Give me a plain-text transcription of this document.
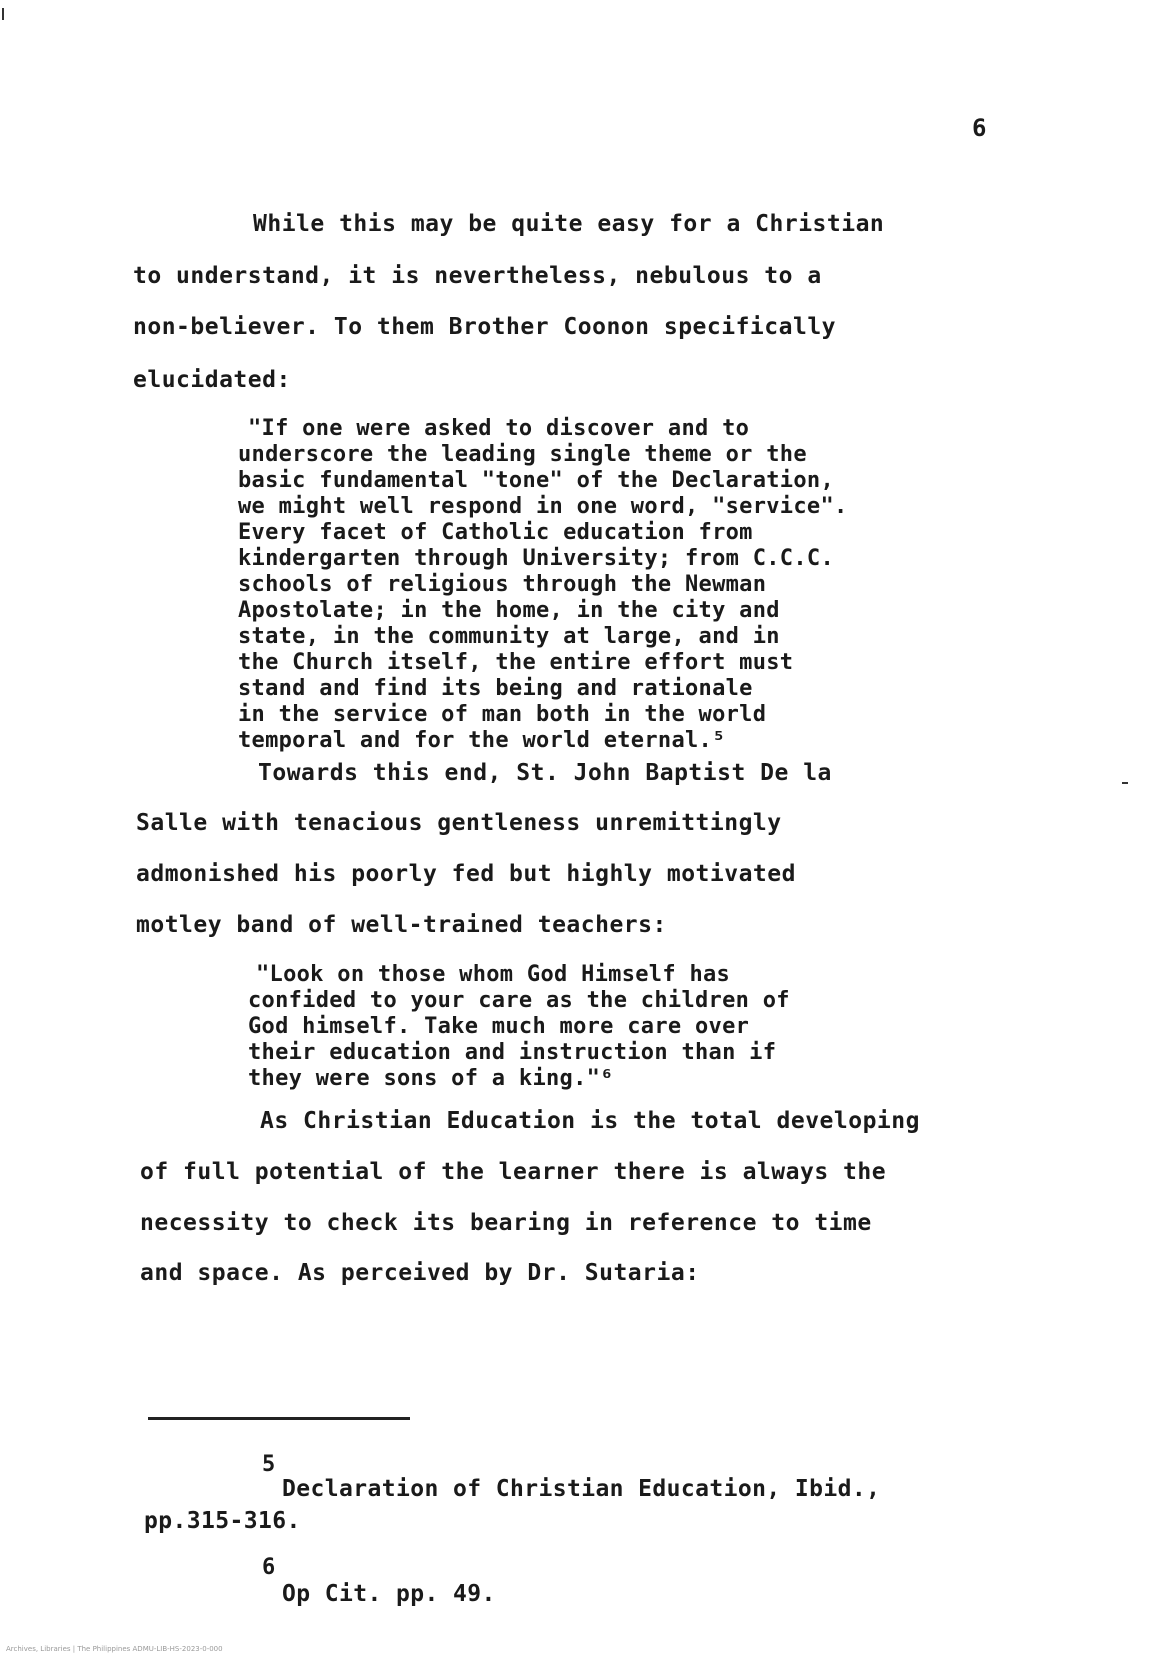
6
While this may be quite easy for a Christian
to understand, it is nevertheless, nebulous to a
non-believer. To them Brother Coonon specifically
elucidated:
"If one were asked to discover and to
underscore the leading single theme or the
basic fundamental "tone" of the Declaration,
we might well respond in one word, "service".
Every facet of Catholic education from
kindergarten through University; from C.C.C.
schools of religious through the Newman
Apostolate; in the home, in the city and
state, in the community at large, and in
the Church itself, the entire effort must
stand and find its being and rationale
in the service of man both in the world
temporal and for the world eternal.⁵
Towards this end, St. John Baptist De la
Salle with tenacious gentleness unremittingly
admonished his poorly fed but highly motivated
motley band of well-trained teachers:
"Look on those whom God Himself has
confided to your care as the children of
God himself. Take much more care over
their education and instruction than if
they were sons of a king."⁶
As Christian Education is the total developing
of full potential of the learner there is always the
necessity to check its bearing in reference to time
and space. As perceived by Dr. Sutaria:
5
Declaration of Christian Education, Ibid.,
pp.315-316.
6
Op Cit. pp. 49.
Archives, Libraries | The Philippines ADMU-LIB-HS-2023-0-000
